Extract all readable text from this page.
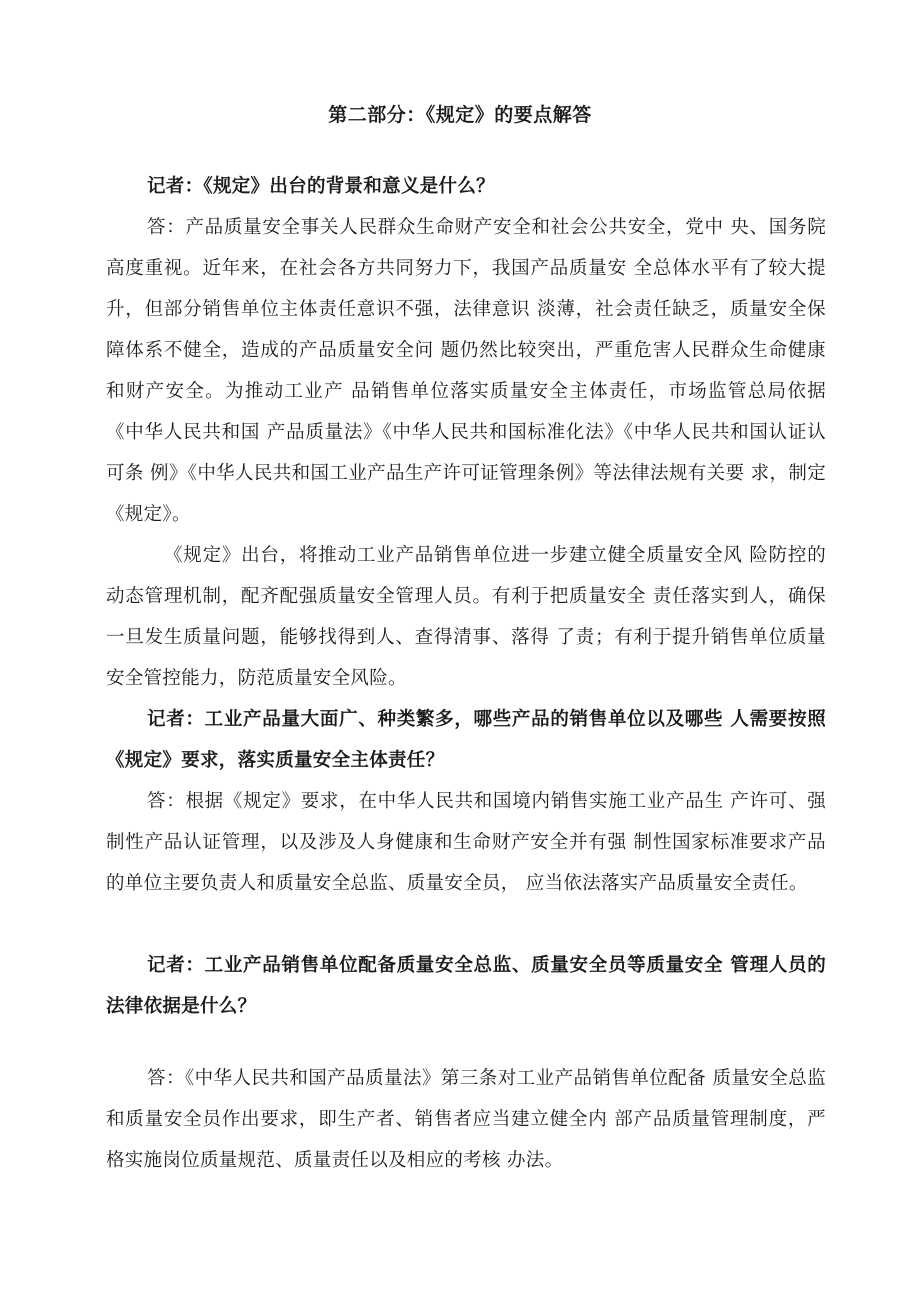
第二部分：《规定》的要点解答

记者：《规定》出台的背景和意义是什么？

答：产品质量安全事关人民群众生命财产安全和社会公共安全，党中 央、国务院高度重视。近年来，在社会各方共同努力下，我国产品质量安 全总体水平有了较大提升，但部分销售单位主体责任意识不强，法律意识 淡薄，社会责任缺乏，质量安全保障体系不健全，造成的产品质量安全问 题仍然比较突出，严重危害人民群众生命健康和财产安全。为推动工业产 品销售单位落实质量安全主体责任，市场监管总局依据《中华人民共和国 产品质量法》《中华人民共和国标准化法》《中华人民共和国认证认可条 例》《中华人民共和国工业产品生产许可证管理条例》等法律法规有关要 求，制定《规定》。

《规定》出台，将推动工业产品销售单位进一步建立健全质量安全风 险防控的动态管理机制，配齐配强质量安全管理人员。有利于把质量安全 责任落实到人，确保一旦发生质量问题，能够找得到人、查得清事、落得 了责；有利于提升销售单位质量安全管控能力，防范质量安全风险。

记者：工业产品量大面广、种类繁多，哪些产品的销售单位以及哪些 人需要按照《规定》要求，落实质量安全主体责任？

答：根据《规定》要求，在中华人民共和国境内销售实施工业产品生 产许可、强制性产品认证管理，以及涉及人身健康和生命财产安全并有强 制性国家标准要求产品的单位主要负责人和质量安全总监、质量安全员， 应当依法落实产品质量安全责任。

记者：工业产品销售单位配备质量安全总监、质量安全员等质量安全 管理人员的法律依据是什么？

答：《中华人民共和国产品质量法》第三条对工业产品销售单位配备 质量安全总监和质量安全员作出要求，即生产者、销售者应当建立健全内 部产品质量管理制度，严格实施岗位质量规范、质量责任以及相应的考核 办法。
